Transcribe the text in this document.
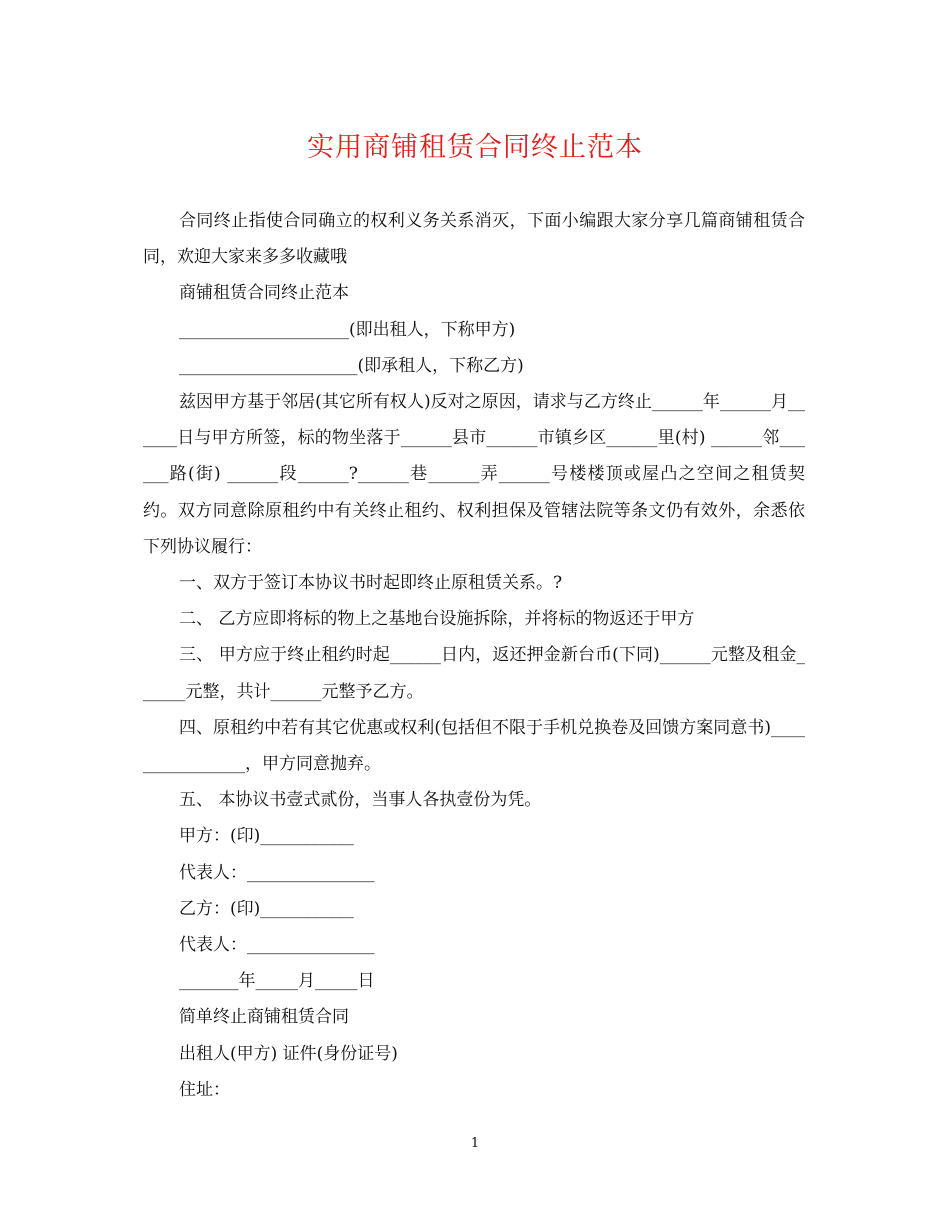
实用商铺租赁合同终止范本

合同终止指使合同确立的权利义务关系消灭，下面小编跟大家分享几篇商铺租赁合同，欢迎大家来多多收藏哦

商铺租赁合同终止范本

____________________(即出租人，下称甲方)

_____________________(即承租人，下称乙方)

兹因甲方基于邻居(其它所有权人)反对之原因，请求与乙方终止______年______月______日与甲方所签，标的物坐落于______县市______市镇乡区______里(村) ______邻______路(街) ______段______?______巷______弄______号楼楼顶或屋凸之空间之租赁契约。双方同意除原租约中有关终止租约、权利担保及管辖法院等条文仍有效外，余悉依下列协议履行：

一、双方于签订本协议书时起即终止原租赁关系。?

二、 乙方应即将标的物上之基地台设施拆除，并将标的物返还于甲方

三、 甲方应于终止租约时起______日内，返还押金新台币(下同)______元整及租金______元整，共计______元整予乙方。

四、原租约中若有其它优惠或权利(包括但不限于手机兑换卷及回馈方案同意书)________________，甲方同意抛弃。

五、 本协议书壹式贰份，当事人各执壹份为凭。

甲方：(印)___________

代表人：_______________

乙方：(印)___________

代表人：_______________

_______年_____月_____日

简单终止商铺租赁合同

出租人(甲方) 证件(身份证号)

住址：

1
